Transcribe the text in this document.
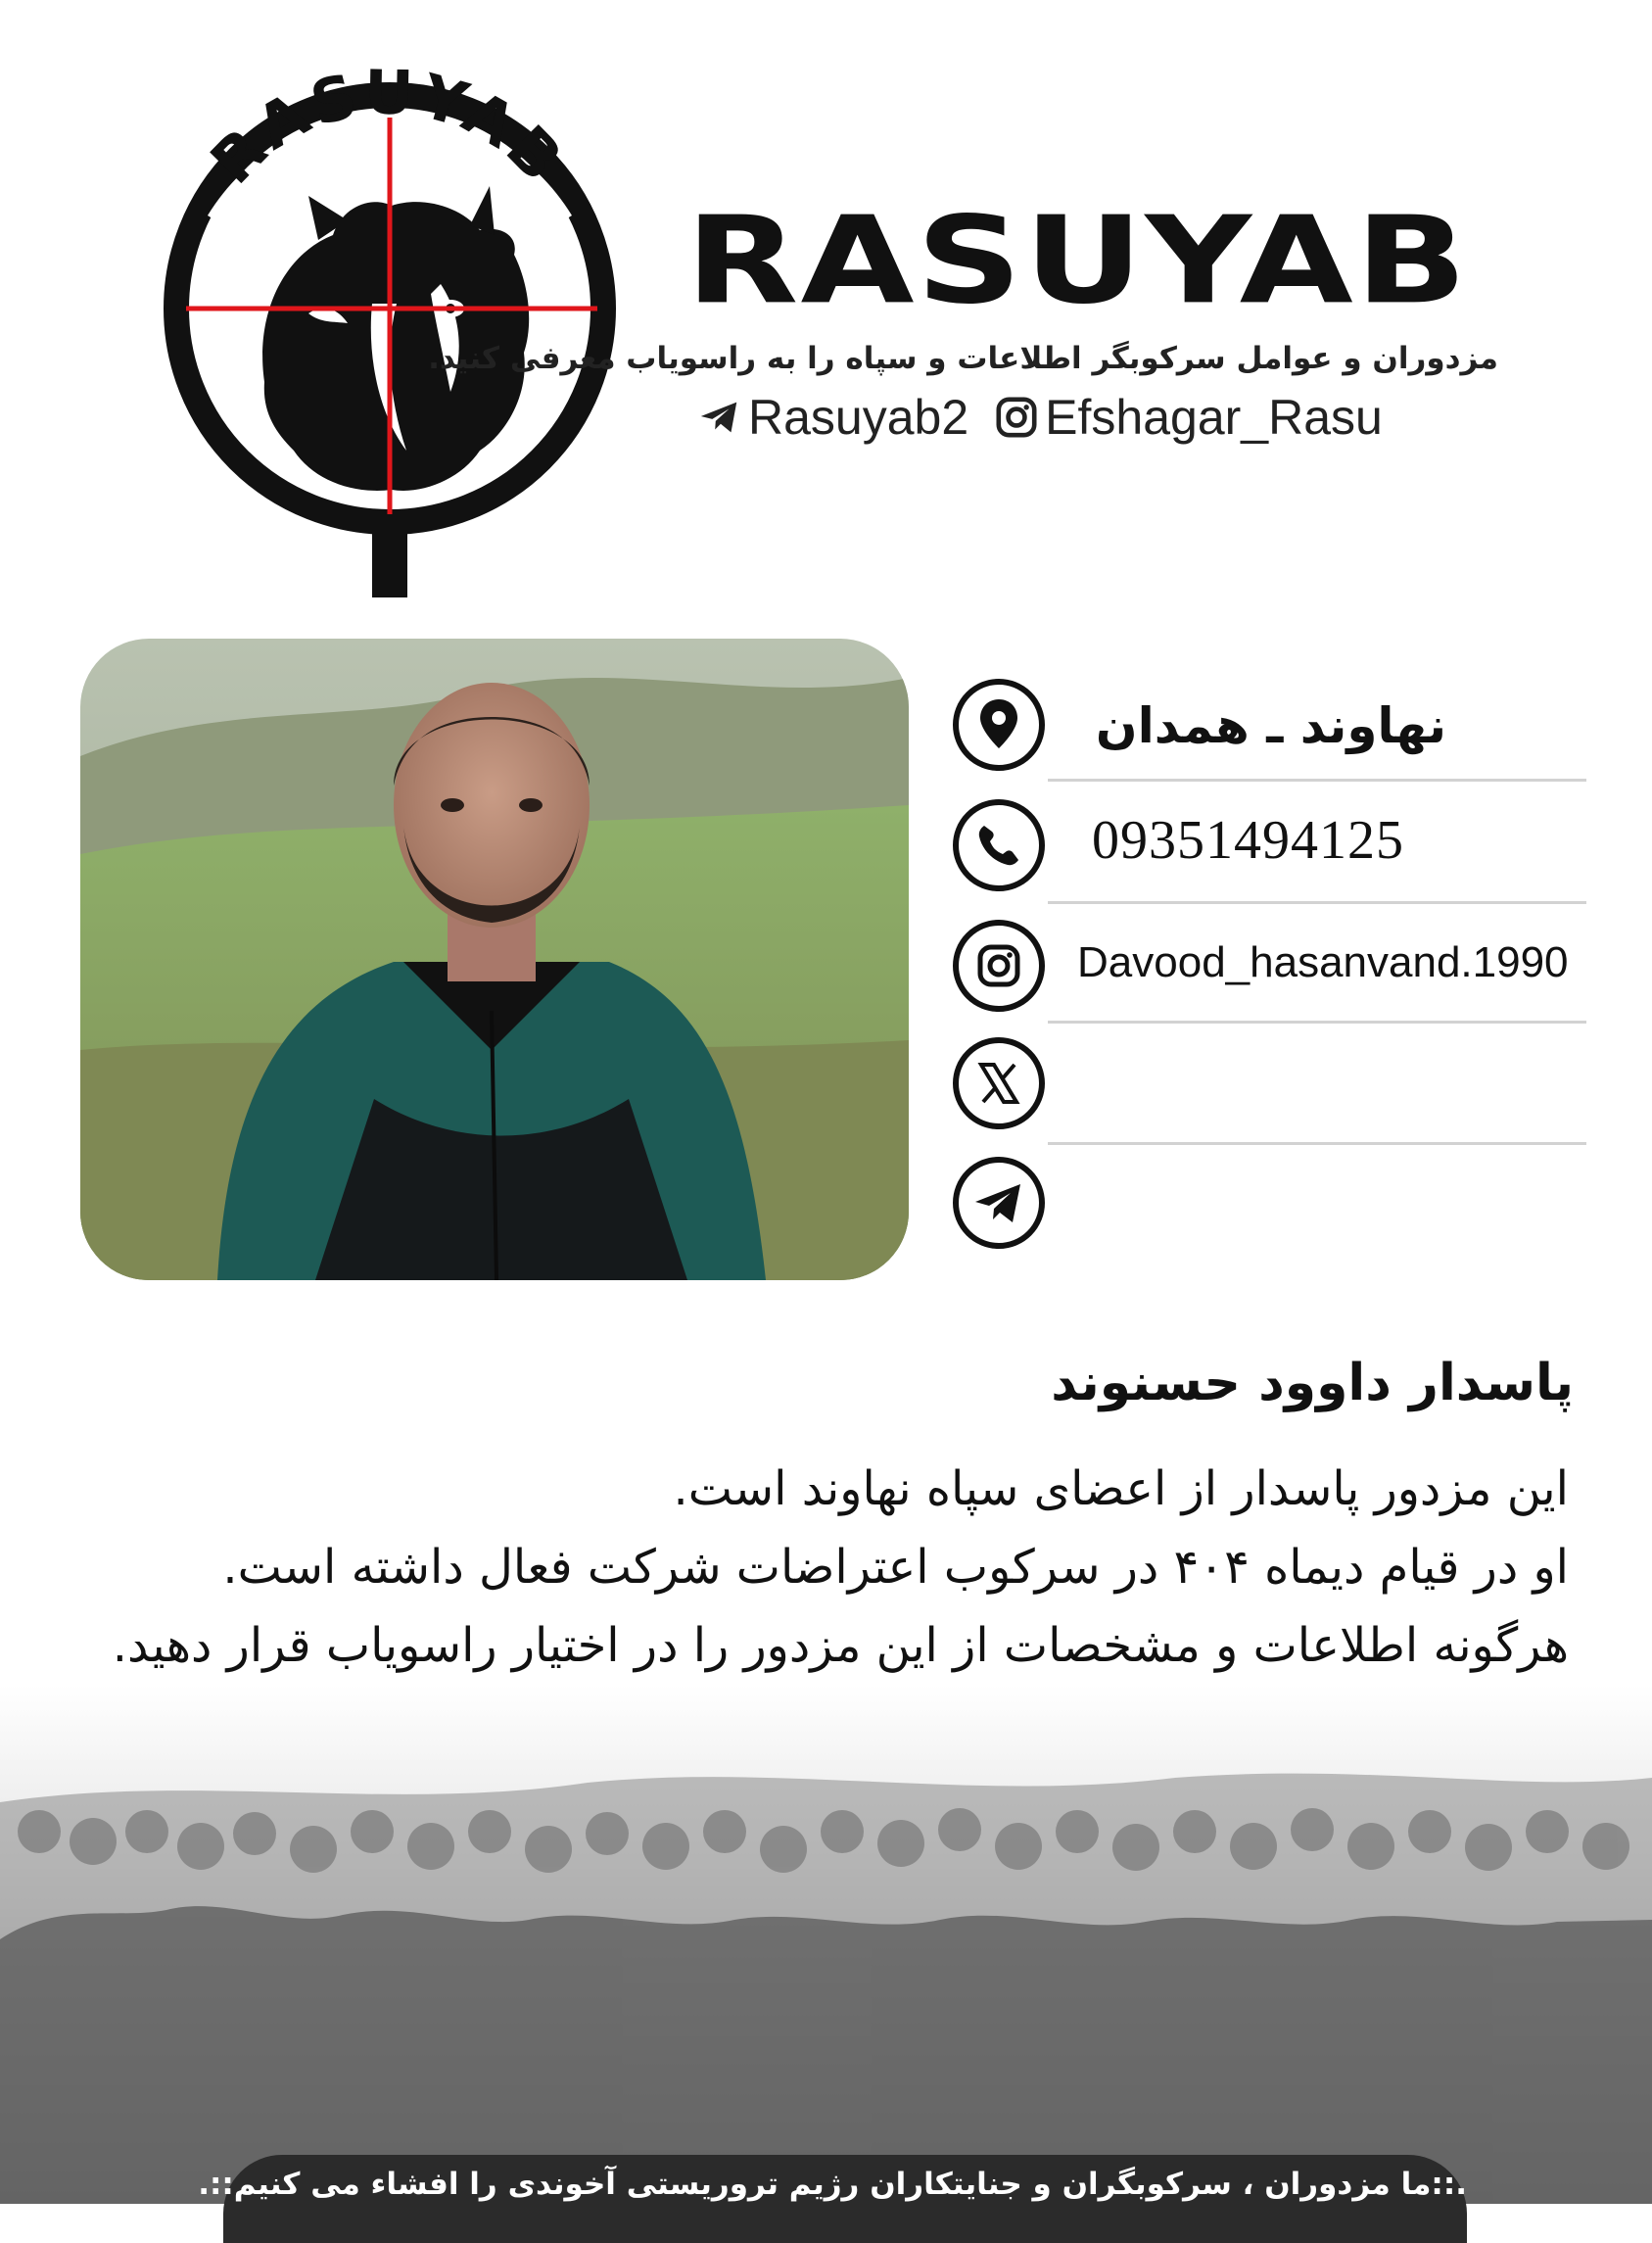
RASUYAB
RASUYAB
مزدوران و عوامل سرکوبگر اطلاعات و سپاه را به راسویاب معرفی کنید.
Rasuyab2 Efshagar_Rasu
نهاوند ـ همدان
09351494125
Davood_hasanvand.1990
پاسدار داوود حسنوند
این مزدور پاسدار از اعضای سپاه نهاوند است.
او در قیام دیماه ۴۰۴ در سرکوب اعتراضات شرکت فعال داشته است.
هرگونه اطلاعات و مشخصات از این مزدور را در اختیار راسویاب قرار دهید.
.::ما مزدوران ، سرکوبگران و جنایتکاران رژیم تروریستی آخوندی را افشاء می کنیم::.
